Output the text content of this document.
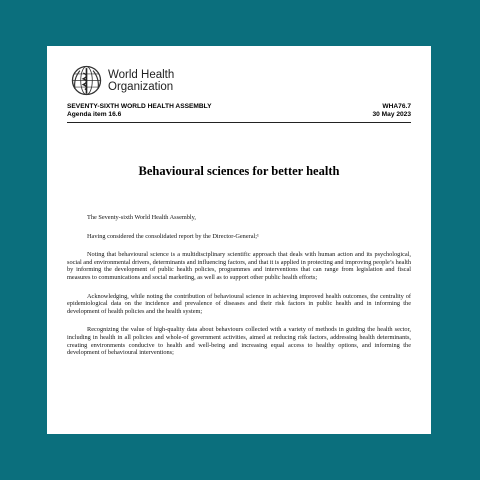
World Health
Organization
SEVENTY-SIXTH WORLD HEALTH ASSEMBLY
Agenda item 16.6
WHA76.7
30 May 2023
Behavioural sciences for better health

The Seventy-sixth World Health Assembly,

Having considered the consolidated report by the Director-General;¹

Noting that behavioural science is a multidisciplinary scientific approach that deals with human action and its psychological, social and environmental drivers, determinants and influencing factors, and that it is applied in protecting and improving people’s health by informing the development of public health policies, programmes and interventions that can range from legislation and fiscal measures to communications and social marketing, as well as to support other public health efforts;

Acknowledging, while noting the contribution of behavioural science in achieving improved health outcomes, the centrality of epidemiological data on the incidence and prevalence of diseases and their risk factors in public health and in informing the development of health policies and the health system;

Recognizing the value of high-quality data about behaviours collected with a variety of methods in guiding the health sector, including in health in all policies and whole-of government activities, aimed at reducing risk factors, addressing health determinants, creating environments conducive to health and well-being and increasing equal access to healthy options, and informing the development of behavioural interventions;
